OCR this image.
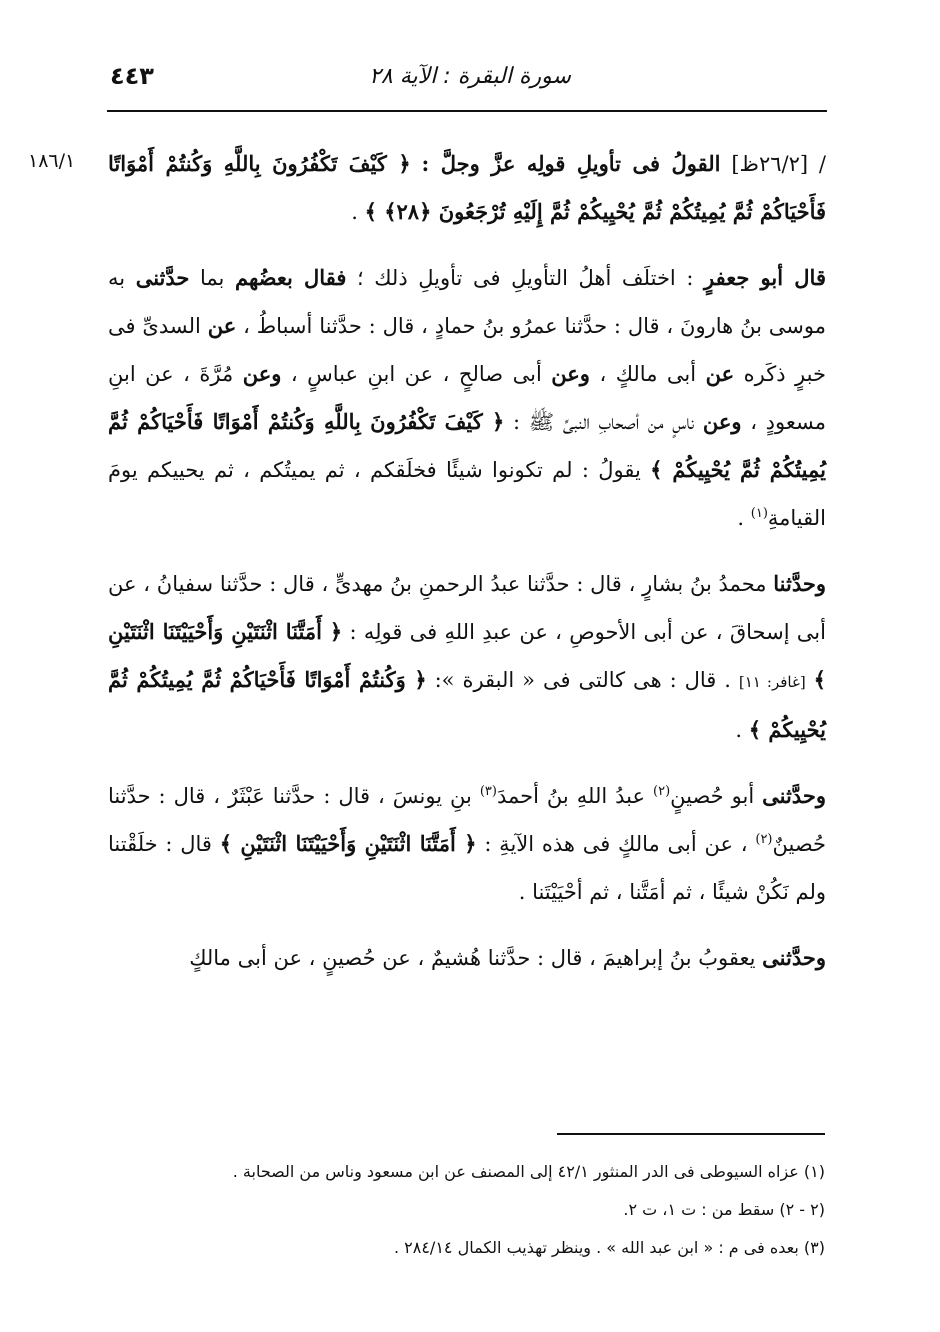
٤٤٣	سورة البقرة : الآية ٢٨
١٨٦/١	/ [٢٦/٢ظ] القولُ فى تأويلِ قولِه عزَّ وجلَّ : ﴿ كَيْفَ تَكْفُرُونَ بِاللَّهِ وَكُنتُمْ أَمْوَاتًا فَأَحْيَاكُمْ ثُمَّ يُمِيتُكُمْ ثُمَّ يُحْيِيكُمْ ثُمَّ إِلَيْهِ تُرْجَعُونَ ﴿٢٨﴾ ﴾ .

قال أبو جعفرٍ : اختلَف أهلُ التأويلِ فى تأويلِ ذلك ؛ فقال بعضُهم بما حدَّثنى به موسى بنُ هارونَ ، قال : حدَّثنا عمرُو بنُ حمادٍ ، قال : حدَّثنا أسباطُ ، عن السدىِّ فى خبرٍ ذكَره عن أبى مالكٍ ، وعن أبى صالحٍ ، عن ابنِ عباسٍ ، وعن مُرَّةَ ، عن ابنِ مسعودٍ ، وعن ناسٍ من أصحابِ النبىِّ ﷺ : ﴿ كَيْفَ تَكْفُرُونَ بِاللَّهِ وَكُنتُمْ أَمْوَاتًا فَأَحْيَاكُمْ ثُمَّ يُمِيتُكُمْ ثُمَّ يُحْيِيكُمْ ﴾ يقولُ : لم تكونوا شيئًا فخلَقكم ، ثم يميتُكم ، ثم يحييكم يومَ القيامةِ$^{(١)}$ .

وحدَّثنا محمدُ بنُ بشارٍ ، قال : حدَّثنا عبدُ الرحمنِ بنُ مهدىٍّ ، قال : حدَّثنا سفيانُ ، عن أبى إسحاقَ ، عن أبى الأحوصِ ، عن عبدِ اللهِ فى قولِه : ﴿ أَمَتَّنَا اثْنَتَيْنِ وَأَحْيَيْتَنَا اثْنَتَيْنِ ﴾ [غافر: ١١] . قال : هى كالتى فى « البقرة »: ﴿ وَكُنتُمْ أَمْوَاتًا فَأَحْيَاكُمْ ثُمَّ يُمِيتُكُمْ ثُمَّ يُحْيِيكُمْ ﴾ .

وحدَّثنى أبو حُصينٍ$^{(٢)}$ عبدُ اللهِ بنُ أحمدَ$^{(٣)}$ بنِ يونسَ ، قال : حدَّثنا عَبْثَرٌ ، قال : حدَّثنا حُصينٌ$^{(٢)}$ ، عن أبى مالكٍ فى هذه الآيةِ : ﴿ أَمَتَّنَا اثْنَتَيْنِ وَأَحْيَيْتَنَا اثْنَتَيْنِ ﴾ قال : خلَقْتنا ولم نَكُنْ شيئًا ، ثم أمَتَّنا ، ثم أحْيَيْتَنا .

وحدَّثنى يعقوبُ بنُ إبراهيمَ ، قال : حدَّثنا هُشيمٌ ، عن حُصينٍ ، عن أبى مالكٍ

(١) عزاه السيوطى فى الدر المنثور ٤٢/١ إلى المصنف عن ابن مسعود وناس من الصحابة .

(٢ - ٢) سقط من : ت ١، ت ٢.

(٣) بعده فى م : « ابن عبد الله » . وينظر تهذيب الكمال ٢٨٤/١٤ .
